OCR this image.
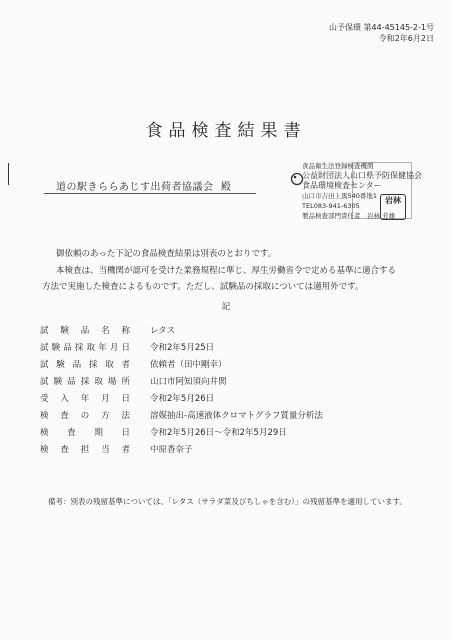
山予保環 第44-45145-2-1号
令和2年6月2日
食品検査結果書
道の駅きららあじす出荷者協議会 殿
食品衛生法登録検査機関
公益財団法人山口県予防保健協会
食品環境検査センター
山口市吉田上黒540番地1
TEL083-941-6305
製品検査部門責任者　岩林 芳雄
岩林

御依頼のあった下記の食品検査結果は別表のとおりです。

本検査は、当機関が認可を受けた業務規程に準じ、厚生労働省令で定める基準に適合する

方法で実施した検査によるものです。ただし、試験品の採取については適用外です。

記
試験品名称 レタス
試験品採取年月日 令和2年5月25日
試験品採取者 依頼者（田中剛幸）
試験品採取場所 山口市阿知須向井関
受入年月日 令和2年5月26日
検査の方法 溶媒抽出-高速液体クロマトグラフ質量分析法
検査期日 令和2年5月26日～令和2年5月29日
検査担当者 中原香奈子
備考：別表の残留基準については、「レタス（サラダ菜及びちしゃを含む）」の残留基準を適用しています。
